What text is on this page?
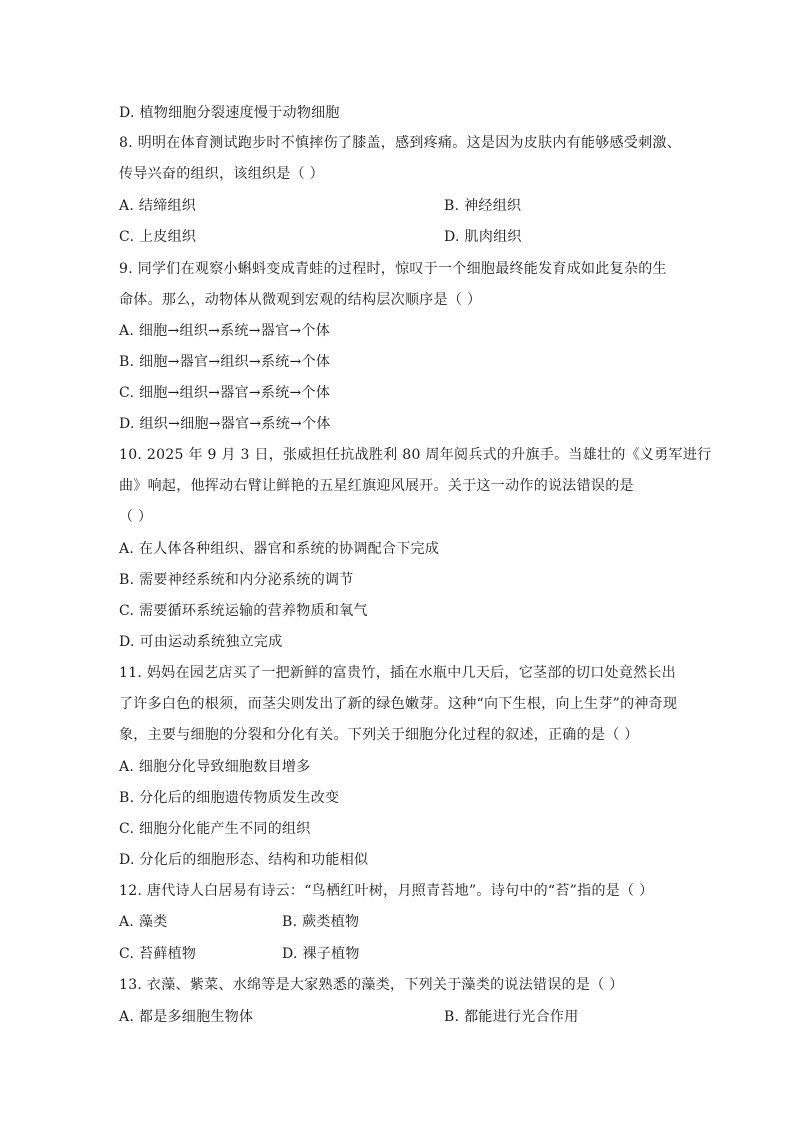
D. 植物细胞分裂速度慢于动物细胞
8. 明明在体育测试跑步时不慎摔伤了膝盖，感到疼痛。这是因为皮肤内有能够感受刺激、
传导兴奋的组织，该组织是（ ）
A. 结缔组织	B. 神经组织
C. 上皮组织	D. 肌肉组织
9. 同学们在观察小蝌蚪变成青蛙的过程时，惊叹于一个细胞最终能发育成如此复杂的生
命体。那么，动物体从微观到宏观的结构层次顺序是（ ）
A. 细胞→组织→系统→器官→个体
B. 细胞→器官→组织→系统→个体
C. 细胞→组织→器官→系统→个体
D. 组织→细胞→器官→系统→个体
10. 2025 年 9 月 3 日，张威担任抗战胜利 80 周年阅兵式的升旗手。当雄壮的《义勇军进行
曲》响起，他挥动右臂让鲜艳的五星红旗迎风展开。关于这一动作的说法错误的是
（ ）
A. 在人体各种组织、器官和系统的协调配合下完成
B. 需要神经系统和内分泌系统的调节
C. 需要循环系统运输的营养物质和氧气
D. 可由运动系统独立完成
11. 妈妈在园艺店买了一把新鲜的富贵竹，插在水瓶中几天后，它茎部的切口处竟然长出
了许多白色的根须，而茎尖则发出了新的绿色嫩芽。这种“向下生根，向上生芽”的神奇现
象，主要与细胞的分裂和分化有关。下列关于细胞分化过程的叙述，正确的是（ ）
A. 细胞分化导致细胞数目增多
B. 分化后的细胞遗传物质发生改变
C. 细胞分化能产生不同的组织
D. 分化后的细胞形态、结构和功能相似
12. 唐代诗人白居易有诗云：“鸟栖红叶树，月照青苔地”。诗句中的“苔”指的是（ ）
A. 藻类	B. 蕨类植物
C. 苔藓植物	D. 裸子植物
13. 衣藻、紫菜、水绵等是大家熟悉的藻类，下列关于藻类的说法错误的是（ ）
A. 都是多细胞生物体	B. 都能进行光合作用
